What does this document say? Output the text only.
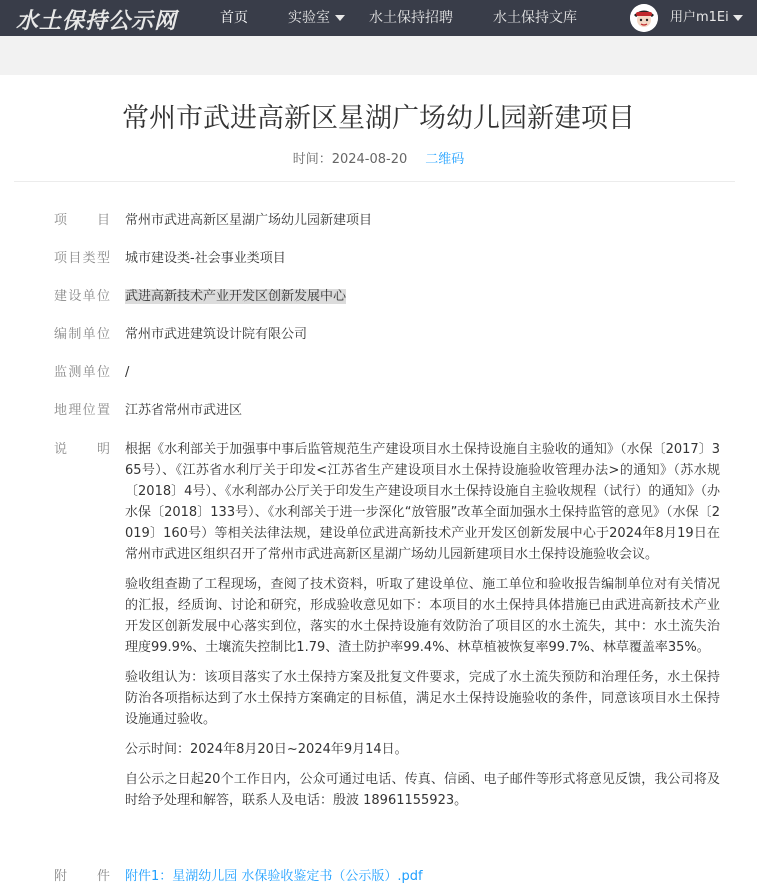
水土保持公示网	首页	实验室	水土保持招聘	水土保持文库	用户m1Ei
常州市武进高新区星湖广场幼儿园新建项目
时间：2024-08-20 二维码
项　目 常州市武进高新区星湖广场幼儿园新建项目
项目类型 城市建设类-社会事业类项目
建设单位 武进高新技术产业开发区创新发展中心
编制单位 常州市武进建筑设计院有限公司
监测单位 /
地理位置 江苏省常州市武进区
说　明 根据《水利部关于加强事中事后监管规范生产建设项目水土保持设施自主验收的通知》（水保〔2017〕365号）、《江苏省水利厅关于印发<江苏省生产建设项目水土保持设施验收管理办法>的通知》（苏水规〔2018〕4号）、《水利部办公厅关于印发生产建设项目水土保持设施自主验收规程（试行）的通知》（办水保〔2018〕133号）、《水利部关于进一步深化“放管服”改革全面加强水土保持监管的意见》（水保〔2019〕160号）等相关法律法规，建设单位武进高新技术产业开发区创新发展中心于2024年8月19日在常州市武进区组织召开了常州市武进高新区星湖广场幼儿园新建项目水土保持设施验收会议。

验收组查勘了工程现场，查阅了技术资料，听取了建设单位、施工单位和验收报告编制单位对有关情况的汇报，经质询、讨论和研究，形成验收意见如下：本项目的水土保持具体措施已由武进高新技术产业开发区创新发展中心落实到位，落实的水土保持设施有效防治了项目区的水土流失，其中：水土流失治理度99.9%、土壤流失控制比1.79、渣土防护率99.4%、林草植被恢复率99.7%、林草覆盖率35%。

验收组认为：该项目落实了水土保持方案及批复文件要求，完成了水土流失预防和治理任务，水土保持防治各项指标达到了水土保持方案确定的目标值，满足水土保持设施验收的条件，同意该项目水土保持设施通过验收。

公示时间：2024年8月20日~2024年9月14日。

自公示之日起20个工作日内，公众可通过电话、传真、信函、电子邮件等形式将意见反馈，我公司将及时给予处理和解答，联系人及电话：殷波 18961155923。

附　件 附件1：星湖幼儿园 水保验收鉴定书（公示版）.pdf
